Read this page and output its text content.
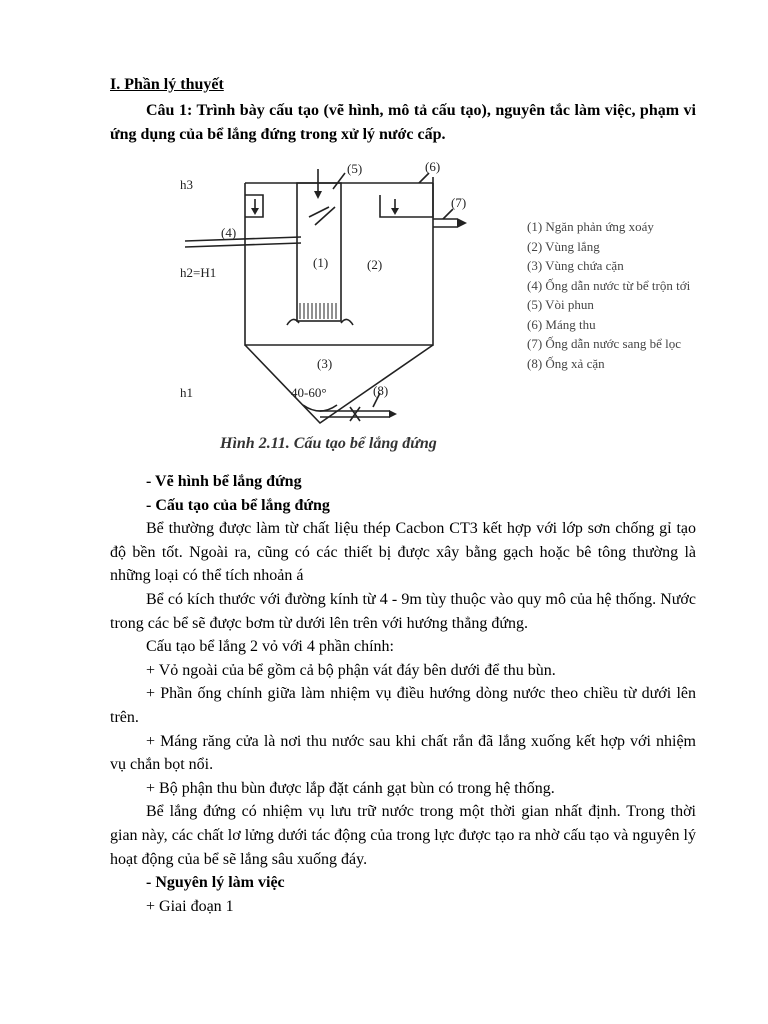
I. Phần lý thuyết
Câu 1: Trình bày cấu tạo (vẽ hình, mô tả cấu tạo), nguyên tắc làm việc, phạm vi ứng dụng của bể lắng đứng trong xử lý nước cấp.
(1)	(2)
(3)
(4)
(5)	(6)
(7)
(8)
h3
h2=H1
h1	40-60°
(1) Ngăn phản ứng xoáy
(2) Vùng lắng
(3) Vùng chứa cặn
(4) Ống dẫn nước từ bể trộn tới
(5) Vòi phun
(6) Máng thu
(7) Ống dẫn nước sang bể lọc
(8) Ống xả cặn
Hình 2.11. Cấu tạo bể lắng đứng

- Vẽ hình bể lắng đứng

- Cấu tạo của bể lắng đứng

Bể thường được làm từ chất liệu thép Cacbon CT3 kết hợp với lớp sơn chống gỉ tạo độ bền tốt. Ngoài ra, cũng có các thiết bị được xây bằng gạch hoặc bê tông thường là những loại có thể tích nhoản á

Bể có kích thước với đường kính từ 4 - 9m tùy thuộc vào quy mô của hệ thống. Nước trong các bể sẽ được bơm từ dưới lên trên với hướng thẳng đứng.

Cấu tạo bể lắng 2 vỏ với 4 phần chính:

+ Vỏ ngoài của bể gồm cả bộ phận vát đáy bên dưới để thu bùn.

+ Phần ống chính giữa làm nhiệm vụ điều hướng dòng nước theo chiều từ dưới lên trên.

+ Máng răng cửa là nơi thu nước sau khi chất rắn đã lắng xuống kết hợp với nhiệm vụ chắn bọt nổi.

+ Bộ phận thu bùn được lắp đặt cánh gạt bùn có trong hệ thống.

Bể lắng đứng có nhiệm vụ lưu trữ nước trong một thời gian nhất định. Trong thời gian này, các chất lơ lửng dưới tác động của trong lực được tạo ra nhờ cấu tạo và nguyên lý hoạt động của bể sẽ lắng sâu xuống đáy.

- Nguyên lý làm việc

+ Giai đoạn 1
